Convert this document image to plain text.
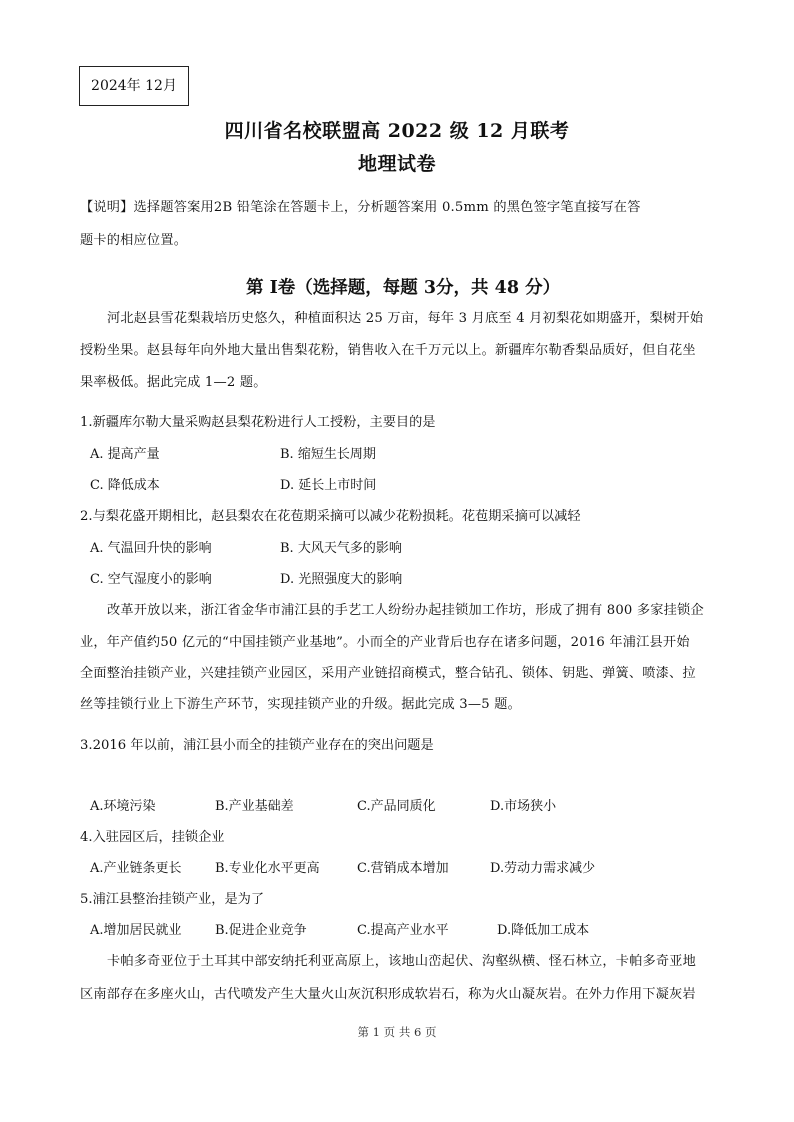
2024年 12月
四川省名校联盟高 2022 级 12 月联考
地理试卷
【说明】选择题答案用2B 铅笔涂在答题卡上，分析题答案用 0.5mm 的黑色签字笔直接写在答
题卡的相应位置。
第 Ⅰ卷（选择题，每题 3分，共 48 分）
河北赵县雪花梨栽培历史悠久，种植面积达 25 万亩，每年 3 月底至 4 月初梨花如期盛开，梨树开始
授粉坐果。赵县每年向外地大量出售梨花粉，销售收入在千万元以上。新疆库尔勒香梨品质好，但自花坐
果率极低。据此完成 1—2 题。
1.新疆库尔勒大量采购赵县梨花粉进行人工授粉，主要目的是
A. 提高产量	B. 缩短生长周期
C. 降低成本	D. 延长上市时间
2.与梨花盛开期相比，赵县梨农在花苞期采摘可以减少花粉损耗。花苞期采摘可以减轻
A. 气温回升快的影响	B. 大风天气多的影响
C. 空气湿度小的影响	D. 光照强度大的影响
改革开放以来，浙江省金华市浦江县的手艺工人纷纷办起挂锁加工作坊，形成了拥有 800 多家挂锁企
业，年产值约50 亿元的“中国挂锁产业基地”。小而全的产业背后也存在诸多问题，2016 年浦江县开始
全面整治挂锁产业，兴建挂锁产业园区，采用产业链招商模式，整合钻孔、锁体、钥匙、弹簧、喷漆、拉
丝等挂锁行业上下游生产环节，实现挂锁产业的升级。据此完成 3—5 题。
3.2016 年以前，浦江县小而全的挂锁产业存在的突出问题是
A.环境污染	B.产业基础差	C.产品同质化	D.市场狭小
4.入驻园区后，挂锁企业
A.产业链条更长	B.专业化水平更高	C.营销成本增加	D.劳动力需求减少
5.浦江县整治挂锁产业，是为了
A.增加居民就业	B.促进企业竞争	C.提高产业水平	D.降低加工成本
卡帕多奇亚位于土耳其中部安纳托利亚高原上，该地山峦起伏、沟壑纵横、怪石林立，卡帕多奇亚地
区南部存在多座火山，古代喷发产生大量火山灰沉积形成软岩石，称为火山凝灰岩。在外力作用下凝灰岩
第 1 页 共 6 页
